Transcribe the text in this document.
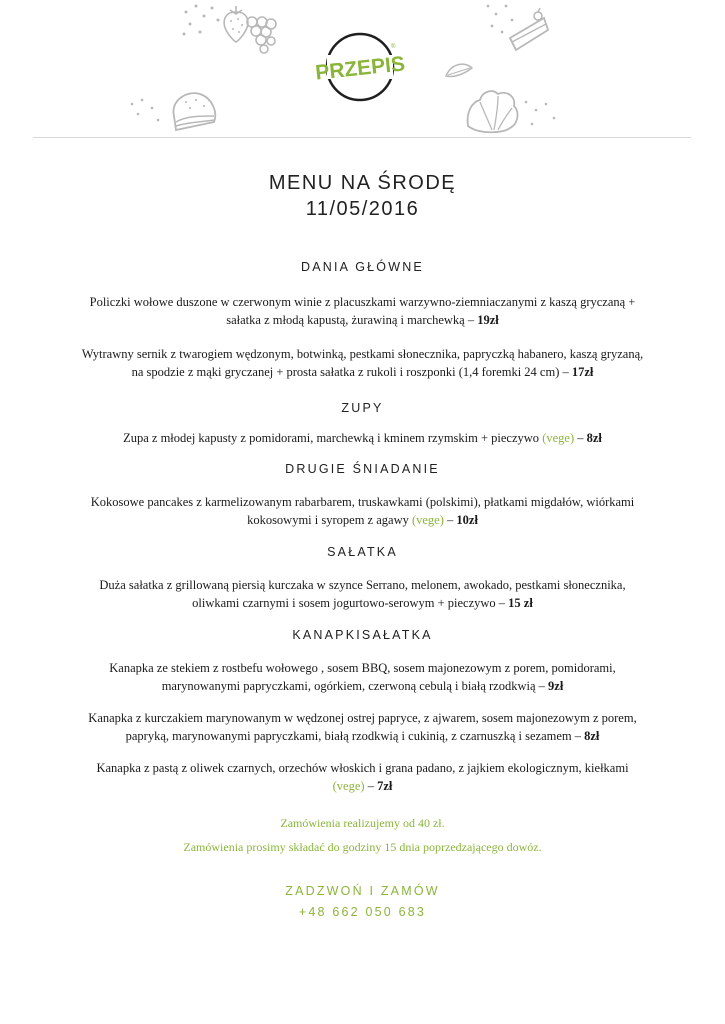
PRZEPIS
®
MENU NA ŚRODĘ
11/05/2016
DANIA GŁÓWNE

Policzki wołowe duszone w czerwonym winie z placuszkami warzywno-ziemniaczanymi z kaszą gryczaną +
sałatka z młodą kapustą, żurawiną i marchewką – 19zł

Wytrawny sernik z twarogiem wędzonym, botwinką, pestkami słonecznika, papryczką habanero, kaszą gryzaną,
na spodzie z mąki gryczanej + prosta sałatka z rukoli i roszponki (1,4 foremki 24 cm) – 17zł

ZUPY

Zupa z młodej kapusty z pomidorami, marchewką i kminem rzymskim + pieczywo (vege) – 8zł

DRUGIE ŚNIADANIE

Kokosowe pancakes z karmelizowanym rabarbarem, truskawkami (polskimi), płatkami migdałów, wiórkami
kokosowymi i syropem z agawy (vege) – 10zł

SAŁATKA

Duża sałatka z grillowaną piersią kurczaka w szynce Serrano, melonem, awokado, pestkami słonecznika,
oliwkami czarnymi i sosem jogurtowo-serowym + pieczywo – 15 zł

KANAPKISAŁATKA

Kanapka ze stekiem z rostbefu wołowego , sosem BBQ, sosem majonezowym z porem, pomidorami,
marynowanymi papryczkami, ogórkiem, czerwoną cebulą i białą rzodkwią – 9zł

Kanapka z kurczakiem marynowanym w wędzonej ostrej papryce, z ajwarem, sosem majonezowym z porem,
papryką, marynowanymi papryczkami, białą rzodkwią i cukinią, z czarnuszką i sezamem – 8zł

Kanapka z pastą z oliwek czarnych, orzechów włoskich i grana padano, z jajkiem ekologicznym, kiełkami
(vege) – 7zł

Zamówienia realizujemy od 40 zł.

Zamówienia prosimy składać do godziny 15 dnia poprzedzającego dowóz.

ZADZWOŃ I ZAMÓW
+48 662 050 683
